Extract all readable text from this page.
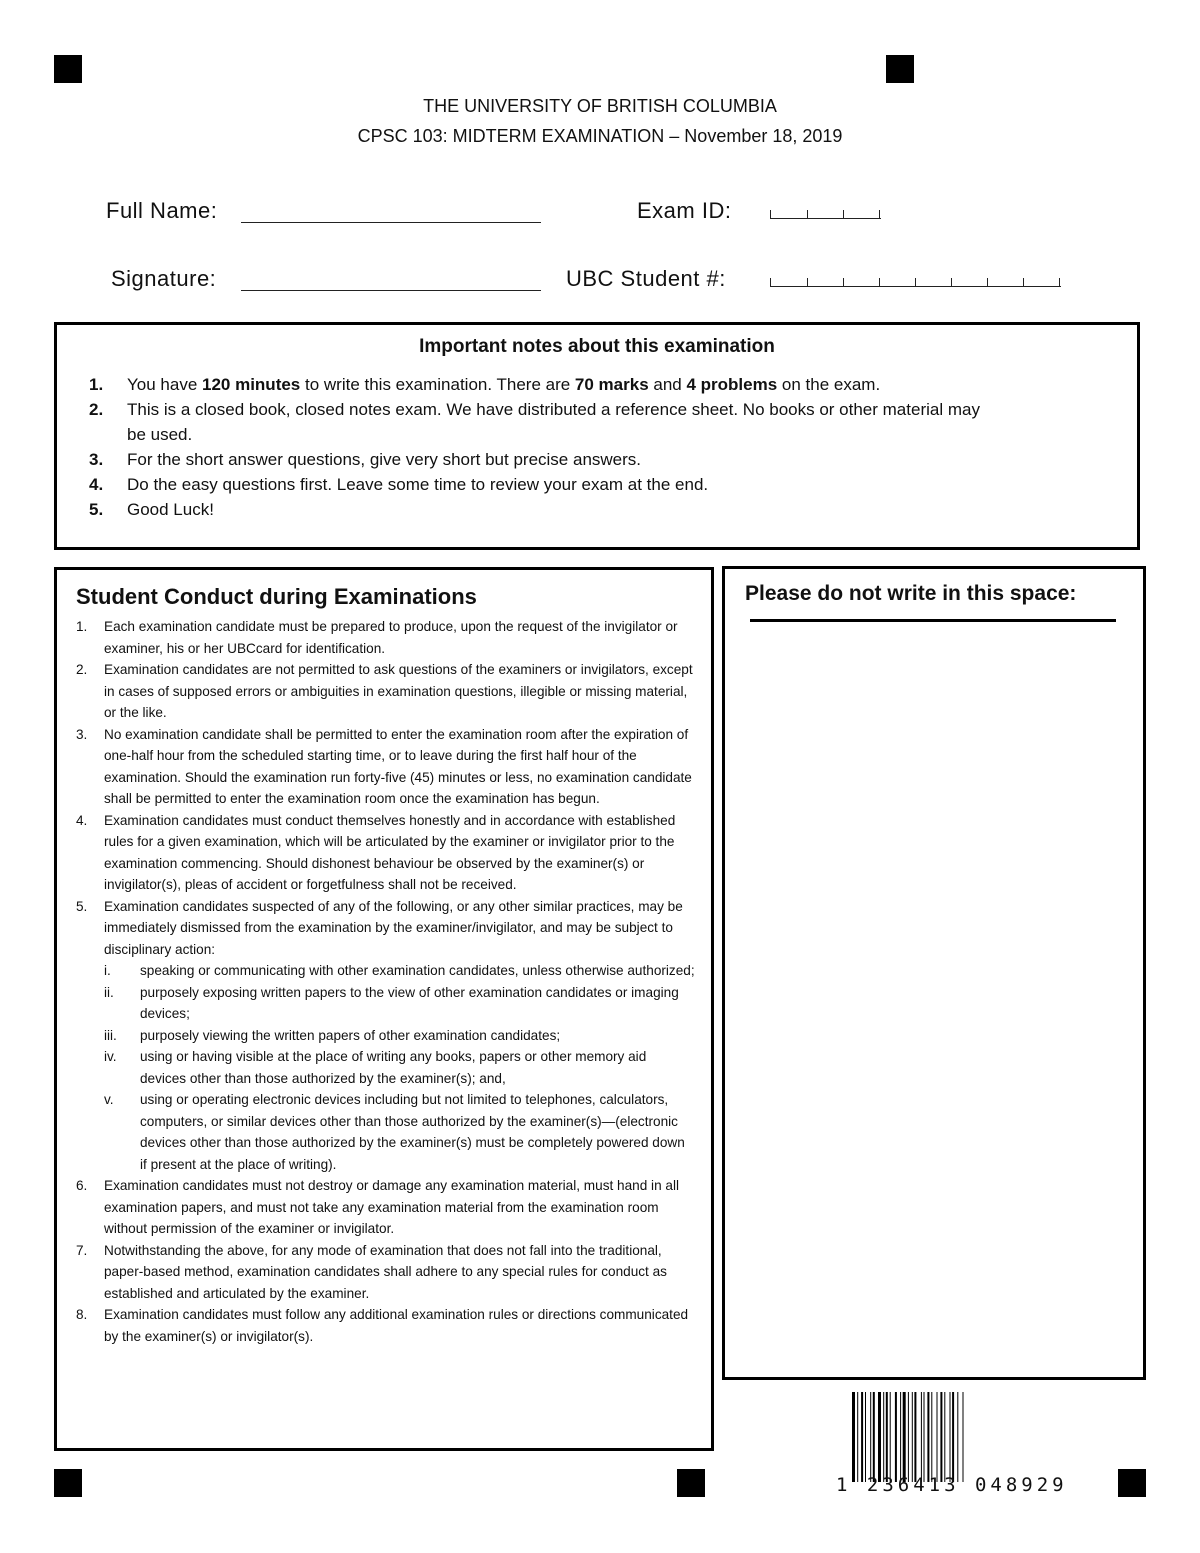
THE UNIVERSITY OF BRITISH COLUMBIA
CPSC 103: MIDTERM EXAMINATION – November 18, 2019
Full Name:	Exam ID:
Signature:	UBC Student #:
Important notes about this examination
1.	You have 120 minutes to write this examination. There are 70 marks and 4 problems on the exam.
2.	This is a closed book, closed notes exam. We have distributed a reference sheet. No books or other material may be used.
3.	For the short answer questions, give very short but precise answers.
4.	Do the easy questions first. Leave some time to review your exam at the end.
5.	Good Luck!
Student Conduct during Examinations
1.	Each examination candidate must be prepared to produce, upon the request of the invigilator or examiner, his or her UBCcard for identification.
2.	Examination candidates are not permitted to ask questions of the examiners or invigilators, except in cases of supposed errors or ambiguities in examination questions, illegible or missing material, or the like.
3.	No examination candidate shall be permitted to enter the examination room after the expiration of one-half hour from the scheduled starting time, or to leave during the first half hour of the examination. Should the examination run forty-five (45) minutes or less, no examination candidate shall be permitted to enter the examination room once the examination has begun.
4.	Examination candidates must conduct themselves honestly and in accordance with established rules for a given examination, which will be articulated by the examiner or invigilator prior to the examination commencing. Should dishonest behaviour be observed by the examiner(s) or invigilator(s), pleas of accident or forgetfulness shall not be received.
5.	Examination candidates suspected of any of the following, or any other similar practices, may be immediately dismissed from the examination by the examiner/invigilator, and may be subject to disciplinary action:
i.	speaking or communicating with other examination candidates, unless otherwise authorized;
ii.	purposely exposing written papers to the view of other examination candidates or imaging devices;
iii.	purposely viewing the written papers of other examination candidates;
iv.	using or having visible at the place of writing any books, papers or other memory aid devices other than those authorized by the examiner(s); and,
v.	using or operating electronic devices including but not limited to telephones, calculators, computers, or similar devices other than those authorized by the examiner(s)—(electronic devices other than those authorized by the examiner(s) must be completely powered down if present at the place of writing).
6.	Examination candidates must not destroy or damage any examination material, must hand in all examination papers, and must not take any examination material from the examination room without permission of the examiner or invigilator.
7.	Notwithstanding the above, for any mode of examination that does not fall into the traditional, paper-based method, examination candidates shall adhere to any special rules for conduct as established and articulated by the examiner.
8.	Examination candidates must follow any additional examination rules or directions communicated by the examiner(s) or invigilator(s).
Please do not write in this space:
1 236413 048929
